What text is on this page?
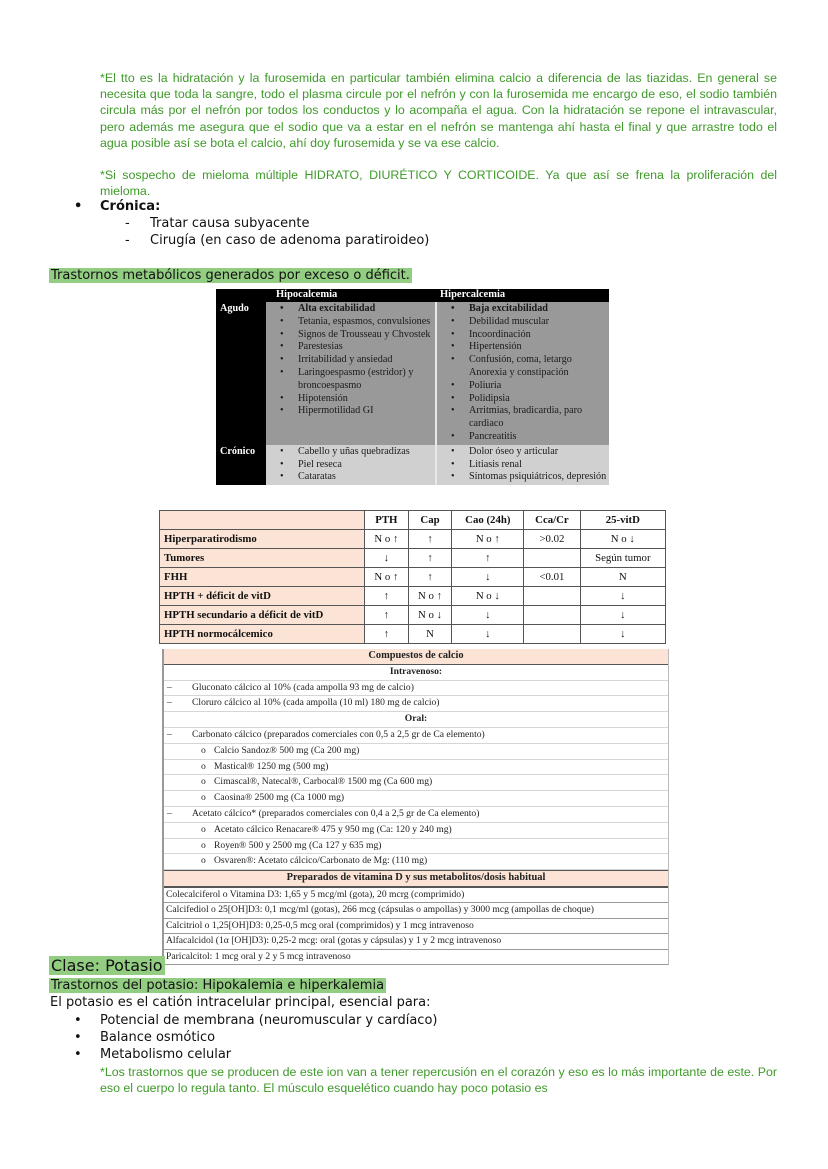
*El tto es la hidratación y la furosemida en particular también elimina calcio a diferencia de las tiazidas. En general se necesita que toda la sangre, todo el plasma circule por el nefrón y con la furosemida me encargo de eso, el sodio también circula más por el nefrón por todos los conductos y lo acompaña el agua. Con la hidratación se repone el intravascular, pero además me asegura que el sodio que va a estar en el nefrón se mantenga ahí hasta el final y que arrastre todo el agua posible así se bota el calcio, ahí doy furosemida y se va ese calcio.

*Si sospecho de mieloma múltiple HIDRATO, DIURÉTICO Y CORTICOIDE. Ya que así se frena la proliferación del mieloma.

• Crónica:
- Tratar causa subyacente
- Cirugía (en caso de adenoma paratiroideo)
Trastornos metabólicos generados por exceso o déficit.
	Hipocalcemia	Hipercalcemia
Agudo	
•Alta excitabilidad
• Tetania, espasmos, convulsiones
• Signos de Trousseau y Chvostek
• Parestesias
• Irritabilidad y ansiedad
• Laringoespasmo (estridor) y broncoespasmo
• Hipotensión
• Hipermotilidad GI

• Baja excitabilidad
• Debilidad muscular
• Incoordinación
• Hipertensión
• Confusión, coma, letargo Anorexia y constipación
• Poliuria
• Polidipsia
• Arritmias, bradicardia, paro cardiaco
• Pancreatitis

Crónico	
•Cabello y uñas quebradizas
• Piel reseca
• Cataratas

• Dolor óseo y articular
• Litiasis renal
• Síntomas psiquiátricos, depresión
	PTH	Cap	Cao (24h)	Cca/Cr	25-vitD
Hiperparatirodismo	N o ↑	↑	N o ↑	>0.02	N o ↓
Tumores	↓	↑	↑		Según tumor
FHH	N o ↑	↑	↓	<0.01	N
HPTH + déficit de vitD	↑	N o ↑	N o ↓		↓
HPTH secundario a déficit de vitD	↑	N o ↓	↓		↓
HPTH normocálcemico	↑	N	↓		↓
Compuestos de calcio
Intravenoso:
– Gluconato cálcico al 10% (cada ampolla 93 mg de calcio)
– Cloruro cálcico al 10% (cada ampolla (10 ml) 180 mg de calcio)
Oral:
– Carbonato cálcico (preparados comerciales con 0,5 a 2,5 gr de Ca elemento)
o Calcio Sandoz® 500 mg (Ca 200 mg)
o Mastical® 1250 mg (500 mg)
o Cimascal®, Natecal®, Carbocal® 1500 mg (Ca 600 mg)
o Caosina® 2500 mg (Ca 1000 mg)
– Acetato cálcico* (preparados comerciales con 0,4 a 2,5 gr de Ca elemento)
o Acetato cálcico Renacare® 475 y 950 mg (Ca: 120 y 240 mg)
o Royen® 500 y 2500 mg (Ca 127 y 635 mg)
o Osvaren®: Acetato cálcico/Carbonato de Mg: (110 mg)
Preparados de vitamina D y sus metabolitos/dosis habitual
Colecalciferol o Vitamina D3: 1,65 y 5 mcg/ml (gota), 20 mcrg (comprimido)
Calcifediol o 25[OH]D3: 0,1 mcg/ml (gotas), 266 mcg (cápsulas o ampollas) y 3000 mcg (ampollas de choque)
Calcitriol o 1,25[OH]D3: 0,25-0,5 mcg oral (comprimidos) y 1 mcg intravenoso
Alfacalcidol (1α [OH]D3): 0,25-2 mcg: oral (gotas y cápsulas) y 1 y 2 mcg intravenoso
Paricalcitol: 1 mcg oral y 2 y 5 mcg intravenoso
Clase: Potasio
Trastornos del potasio: Hipokalemia e hiperkalemia
El potasio es el catión intracelular principal, esencial para:
• Potencial de membrana (neuromuscular y cardíaco)
• Balance osmótico
• Metabolismo celular

*Los trastornos que se producen de este ion van a tener repercusión en el corazón y eso es lo más importante de este. Por eso el cuerpo lo regula tanto. El músculo esquelético cuando hay poco potasio es
